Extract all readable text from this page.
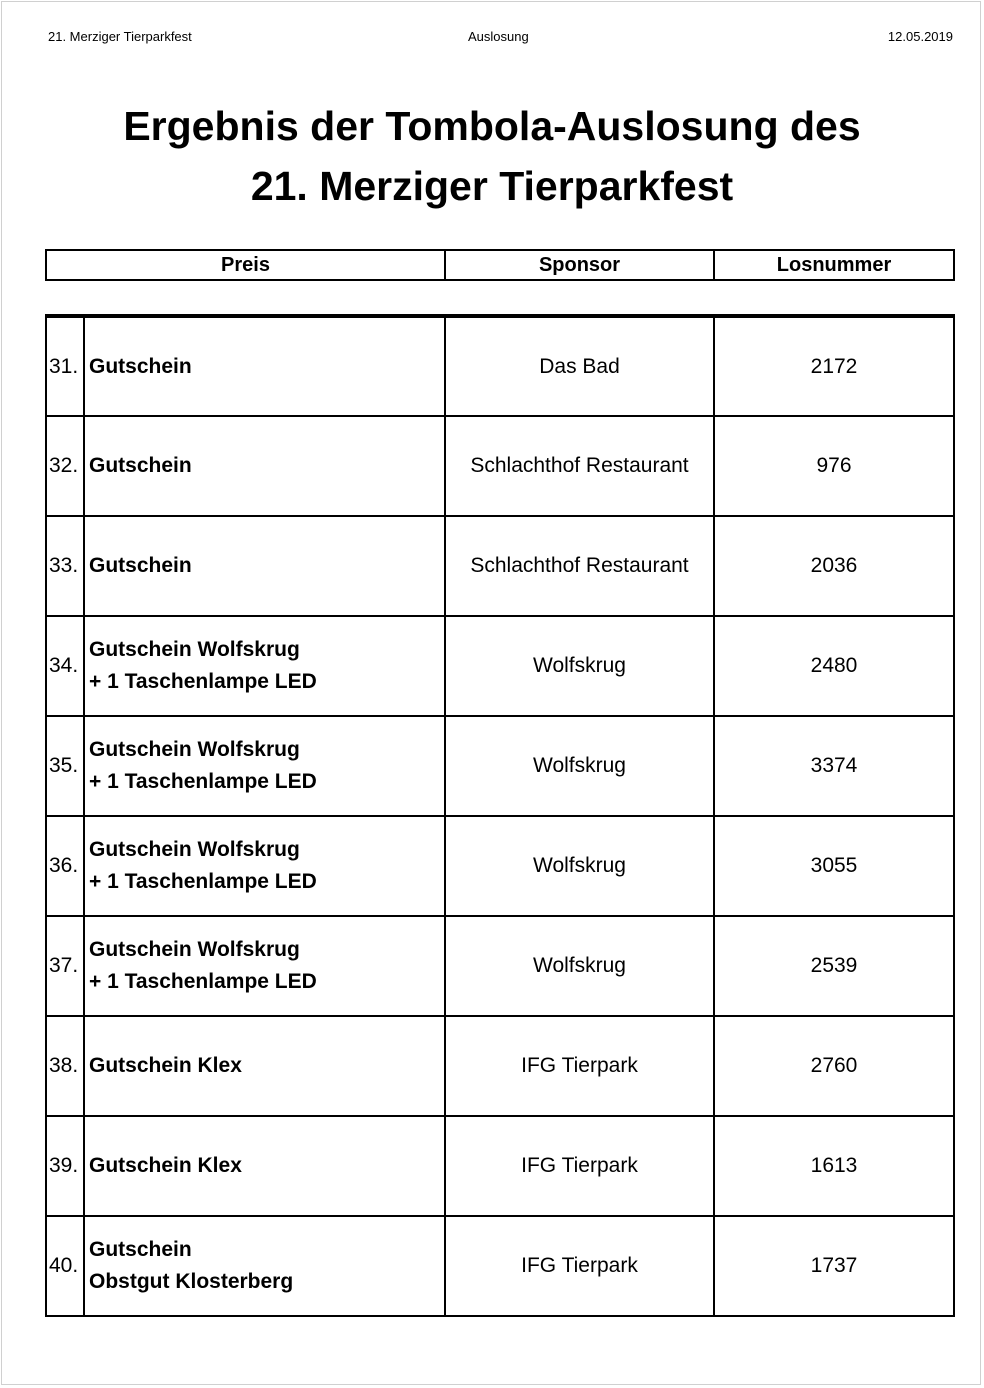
21. Merziger Tierparkfest	Auslosung	12.05.2019
Ergebnis der Tombola-Auslosung des
21. Merziger Tierparkfest
Preis	Sponsor	Losnummer
31.	Gutschein	Das Bad	2172
32.	Gutschein	Schlachthof Restaurant	976
33.	Gutschein	Schlachthof Restaurant	2036
34.	Gutschein Wolfskrug
+ 1 Taschenlampe LED	Wolfskrug	2480
35.	Gutschein Wolfskrug
+ 1 Taschenlampe LED	Wolfskrug	3374
36.	Gutschein Wolfskrug
+ 1 Taschenlampe LED	Wolfskrug	3055
37.	Gutschein Wolfskrug
+ 1 Taschenlampe LED	Wolfskrug	2539
38.	Gutschein Klex	IFG Tierpark	2760
39.	Gutschein Klex	IFG Tierpark	1613
40.	Gutschein
Obstgut Klosterberg	IFG Tierpark	1737
